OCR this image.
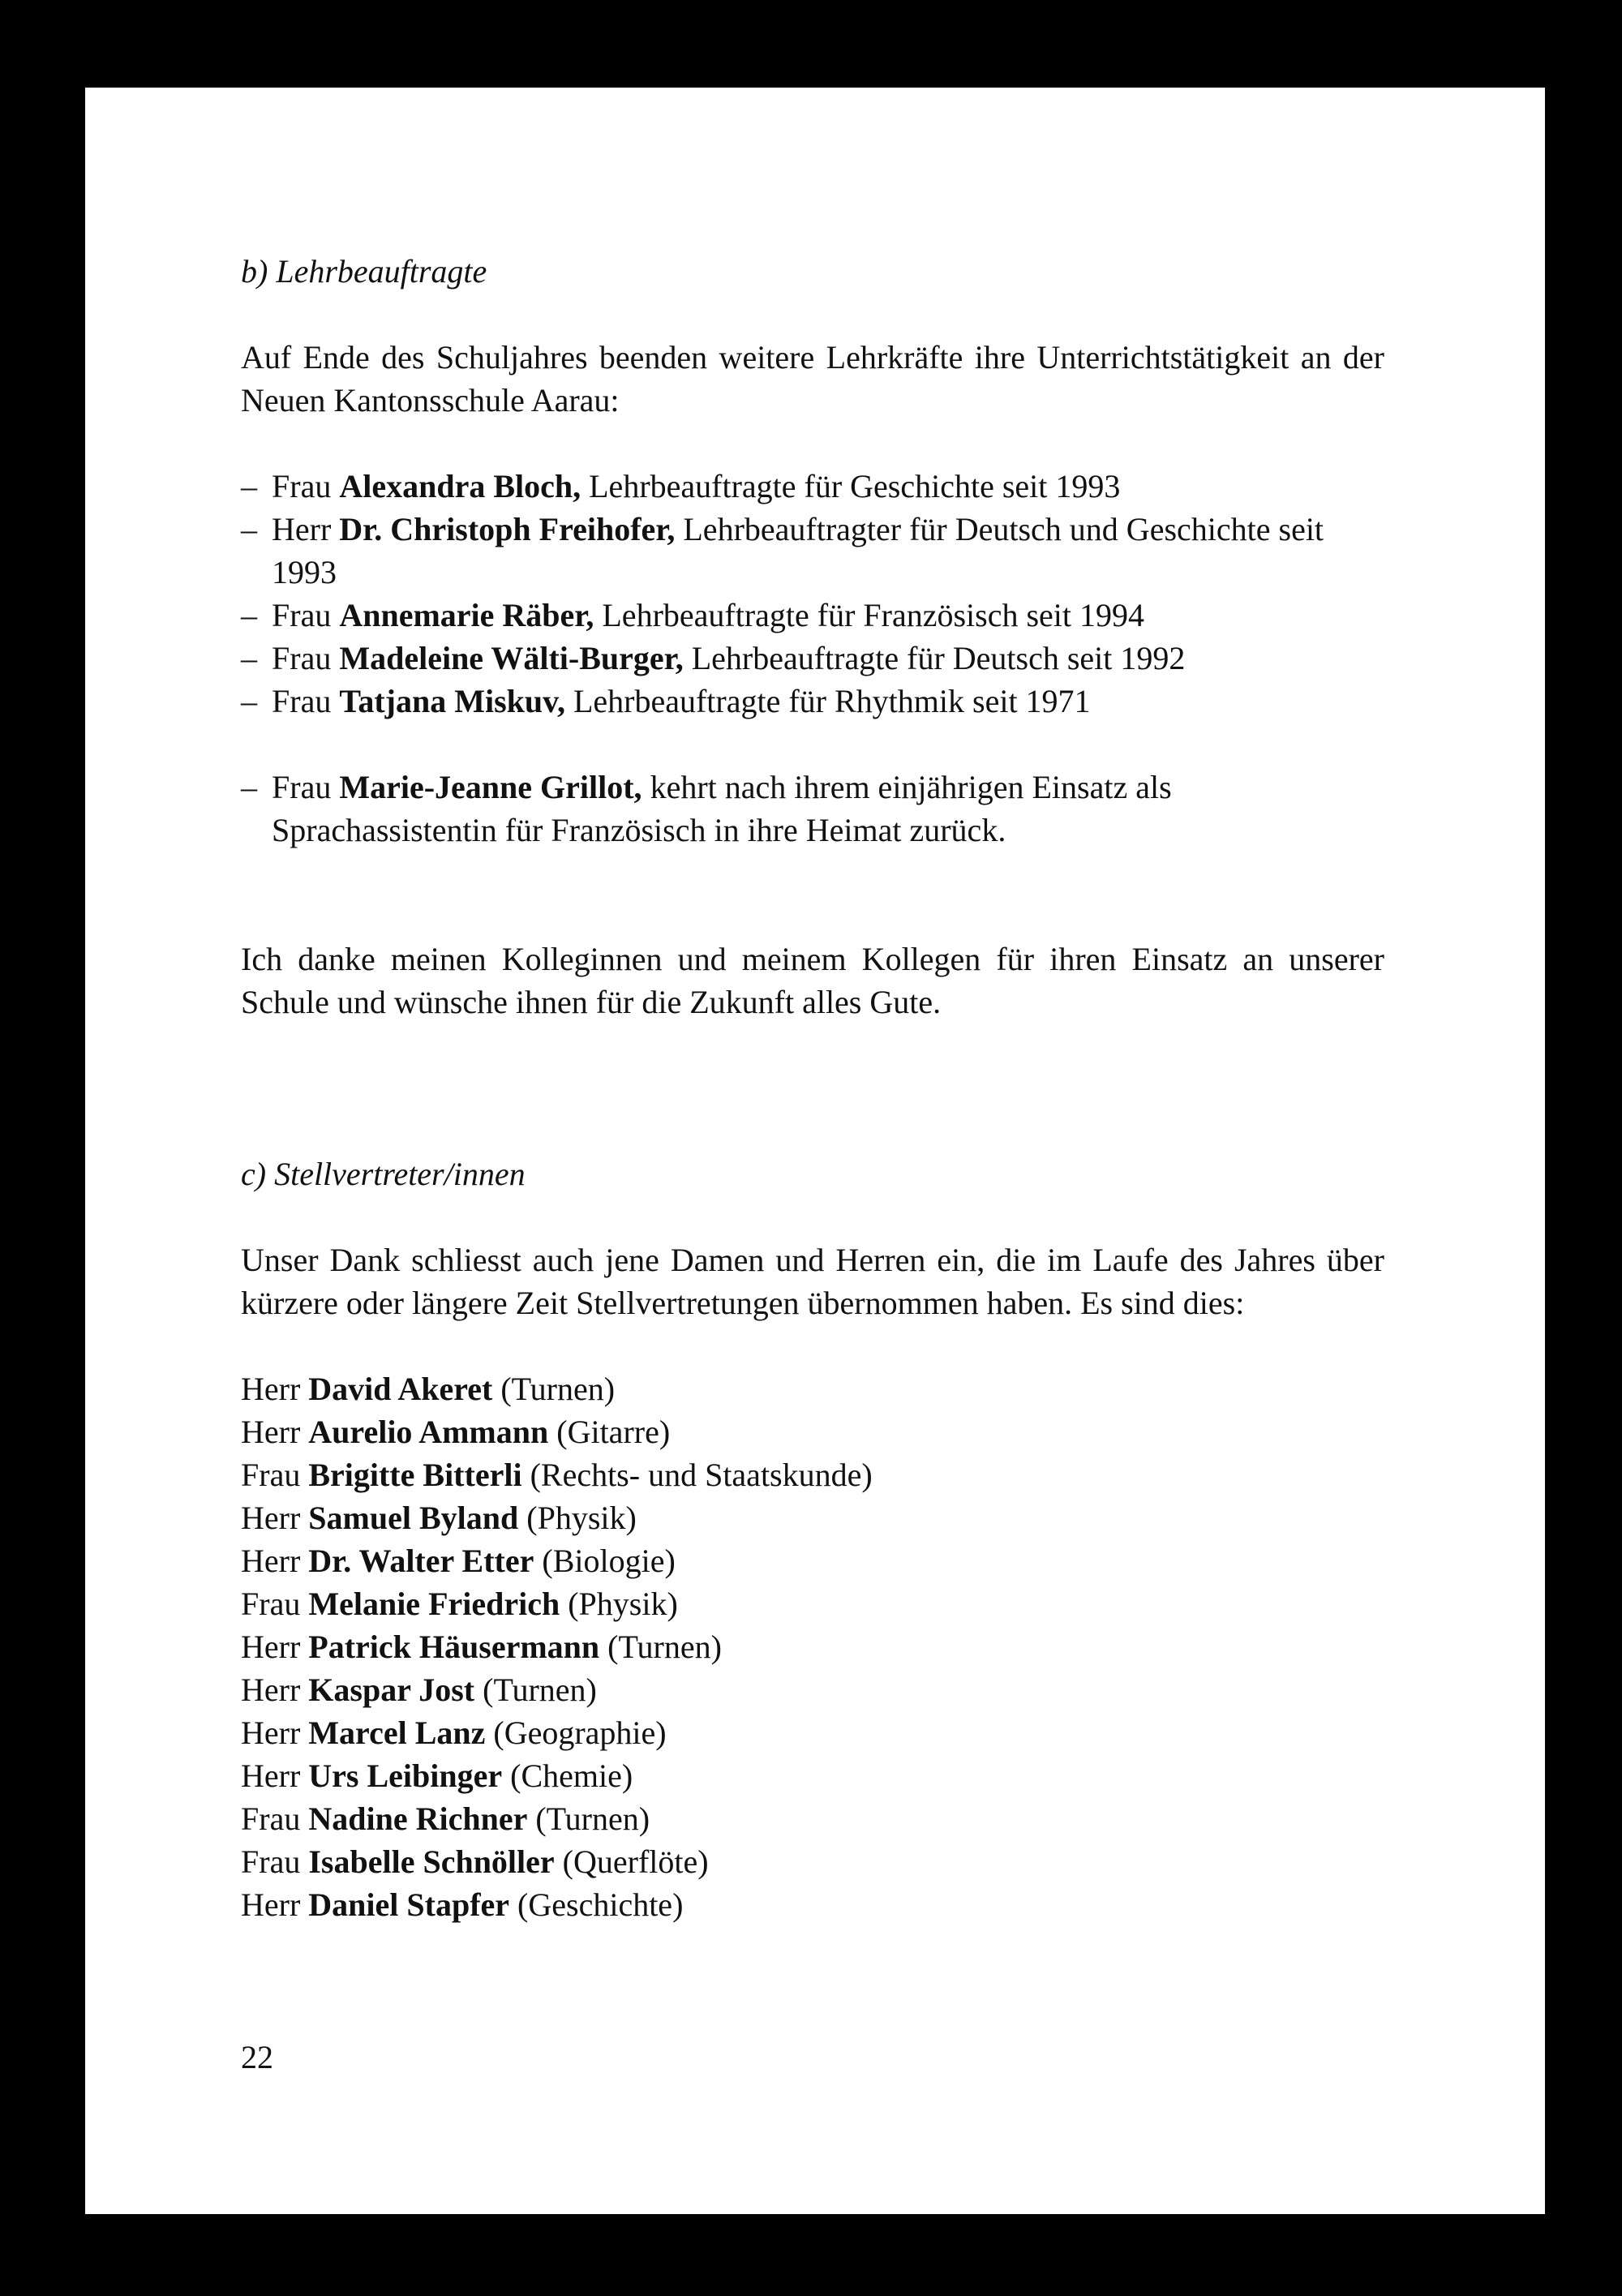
b) Lehrbeauftragte

Auf Ende des Schuljahres beenden weitere Lehrkräfte ihre Unterrichtstätigkeit an der Neuen Kantonsschule Aarau:

– Frau Alexandra Bloch, Lehrbeauftragte für Geschichte seit 1993
– Herr Dr. Christoph Freihofer, Lehrbeauftragter für Deutsch und Geschichte seit 1993
– Frau Annemarie Räber, Lehrbeauftragte für Französisch seit 1994
– Frau Madeleine Wälti-Burger, Lehrbeauftragte für Deutsch seit 1992
– Frau Tatjana Miskuv, Lehrbeauftragte für Rhythmik seit 1971
– Frau Marie-Jeanne Grillot, kehrt nach ihrem einjährigen Einsatz als Sprachassistentin für Französisch in ihre Heimat zurück.

Ich danke meinen Kolleginnen und meinem Kollegen für ihren Einsatz an unserer Schule und wünsche ihnen für die Zukunft alles Gute.

c) Stellvertreter/innen

Unser Dank schliesst auch jene Damen und Herren ein, die im Laufe des Jahres über kürzere oder längere Zeit Stellvertretungen übernommen haben. Es sind dies:

Herr David Akeret (Turnen)
Herr Aurelio Ammann (Gitarre)
Frau Brigitte Bitterli (Rechts- und Staatskunde)
Herr Samuel Byland (Physik)
Herr Dr. Walter Etter (Biologie)
Frau Melanie Friedrich (Physik)
Herr Patrick Häusermann (Turnen)
Herr Kaspar Jost (Turnen)
Herr Marcel Lanz (Geographie)
Herr Urs Leibinger (Chemie)
Frau Nadine Richner (Turnen)
Frau Isabelle Schnöller (Querflöte)
Herr Daniel Stapfer (Geschichte)
22
